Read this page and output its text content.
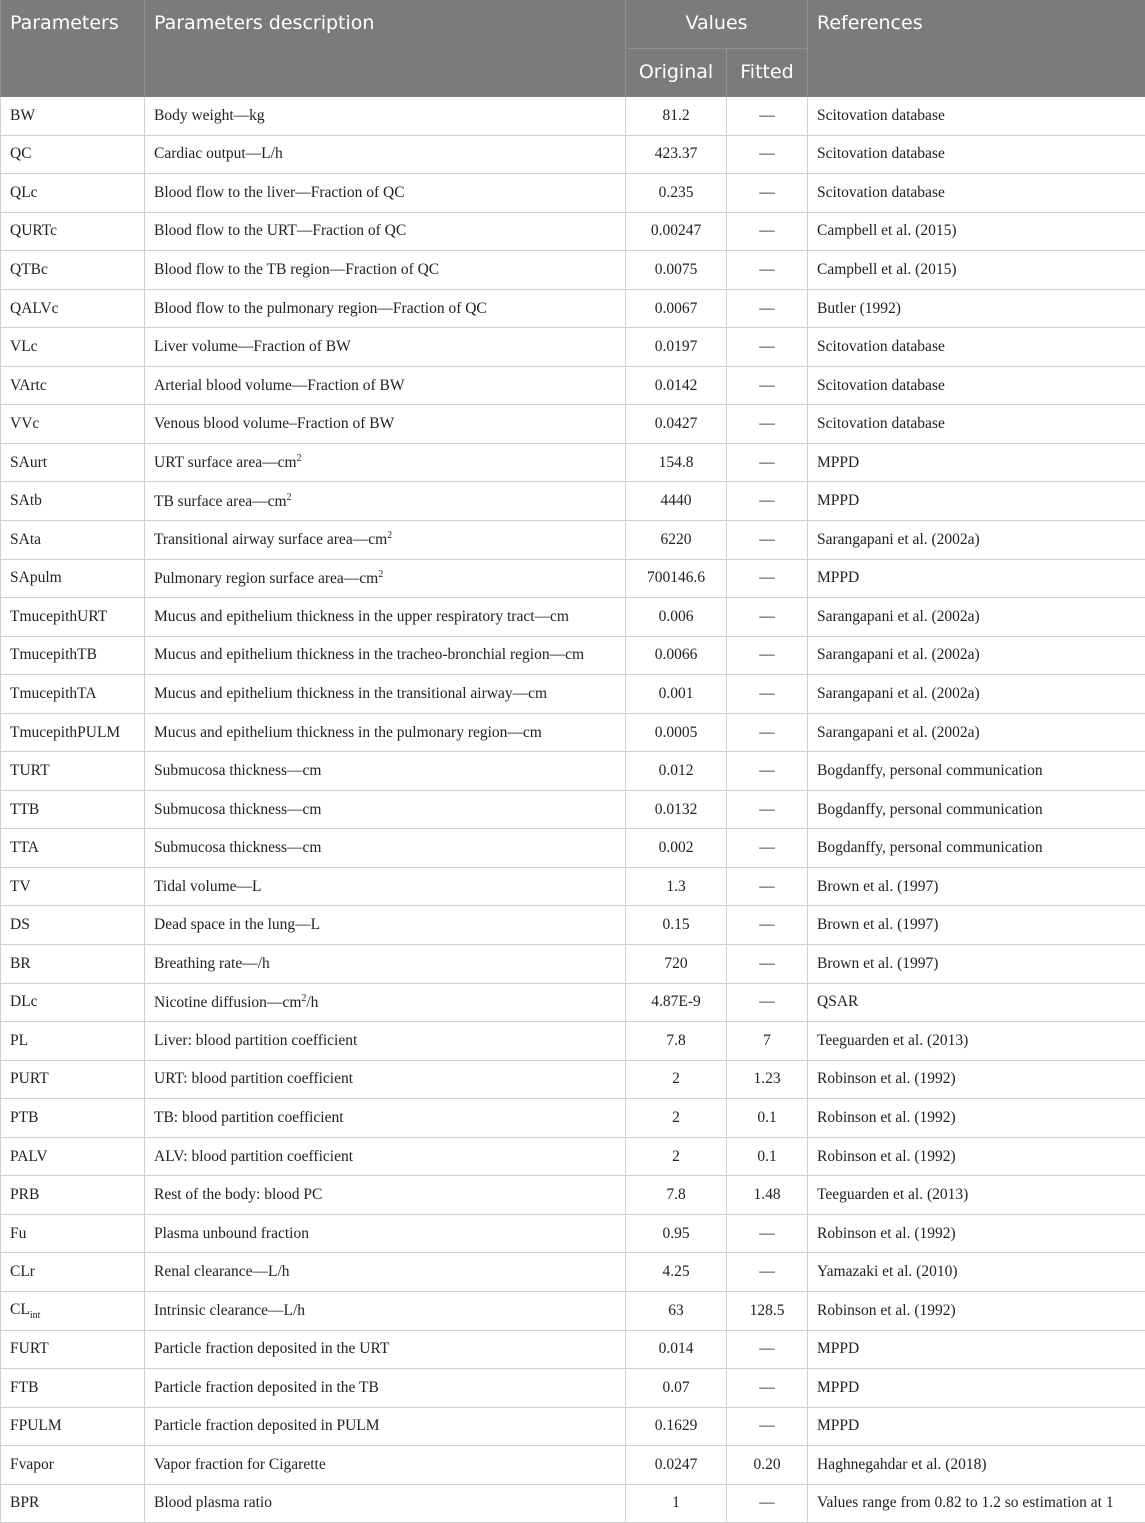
Parameters	Parameters description	Values		References
		Original	Fitted	
BW	Body weight—kg	81.2	—	Scitovation database
QC	Cardiac output—L/h	423.37	—	Scitovation database
QLc	Blood flow to the liver—Fraction of QC	0.235	—	Scitovation database
QURTc	Blood flow to the URT—Fraction of QC	0.00247	—	Campbell et al. (2015)
QTBc	Blood flow to the TB region—Fraction of QC	0.0075	—	Campbell et al. (2015)
QALVc	Blood flow to the pulmonary region—Fraction of QC	0.0067	—	Butler (1992)
VLc	Liver volume—Fraction of BW	0.0197	—	Scitovation database
VArtc	Arterial blood volume—Fraction of BW	0.0142	—	Scitovation database
VVc	Venous blood volume–Fraction of BW	0.0427	—	Scitovation database
SAurt	URT surface $area—cm^2$	154.8	—	MPPD
SAtb	TB surface $area—cm^2$	4440	—	MPPD
SAta	Transitional airway surface $area—cm^2$	6220	—	Sarangapani et al. (2002a)
SApulm	Pulmonary region surface $area—cm^2$	700146.6	—	MPPD
TmucepithURT	Mucus and epithelium thickness in the upper respiratory tract—cm	0.006	—	Sarangapani et al. (2002a)
TmucepithTB	Mucus and epithelium thickness in the tracheo-bronchial region—cm	0.0066	—	Sarangapani et al. (2002a)
TmucepithTA	Mucus and epithelium thickness in the transitional airway—cm	0.001	—	Sarangapani et al. (2002a)
TmucepithPULM	Mucus and epithelium thickness in the pulmonary region—cm	0.0005	—	Sarangapani et al. (2002a)
TURT	Submucosa thickness—cm	0.012	—	Bogdanffy, personal communication
TTB	Submucosa thickness—cm	0.0132	—	Bogdanffy, personal communication
TTA	Submucosa thickness—cm	0.002	—	Bogdanffy, personal communication
TV	Tidal volume—L	1.3	—	Brown et al. (1997)
DS	Dead space in the lung—L	0.15	—	Brown et al. (1997)
BR	Breathing rate—/h	720	—	Brown et al. (1997)
DLc	Nicotine $diffusion—cm^2/h$	4.87E-9	—	QSAR
PL	Liver: blood partition coefficient	7.8	7	Teeguarden et al. (2013)
PURT	URT: blood partition coefficient	2	1.23	Robinson et al. (1992)
PTB	TB: blood partition coefficient	2	0.1	Robinson et al. (1992)
PALV	ALV: blood partition coefficient	2	0.1	Robinson et al. (1992)
PRB	Rest of the body: blood PC	7.8	1.48	Teeguarden et al. (2013)
Fu	Plasma unbound fraction	0.95	—	Robinson et al. (1992)
CLr	Renal clearance—L/h	4.25	—	Yamazaki et al. (2010)
$CL_{int}$	Intrinsic clearance—L/h	63	128.5	Robinson et al. (1992)
FURT	Particle fraction deposited in the URT	0.014	—	MPPD
FTB	Particle fraction deposited in the TB	0.07	—	MPPD
FPULM	Particle fraction deposited in PULM	0.1629	—	MPPD
Fvapor	Vapor fraction for Cigarette	0.0247	0.20	Haghnegahdar et al. (2018)
BPR	Blood plasma ratio	1	—	Values range from 0.82 to 1.2 so estimation at 1
